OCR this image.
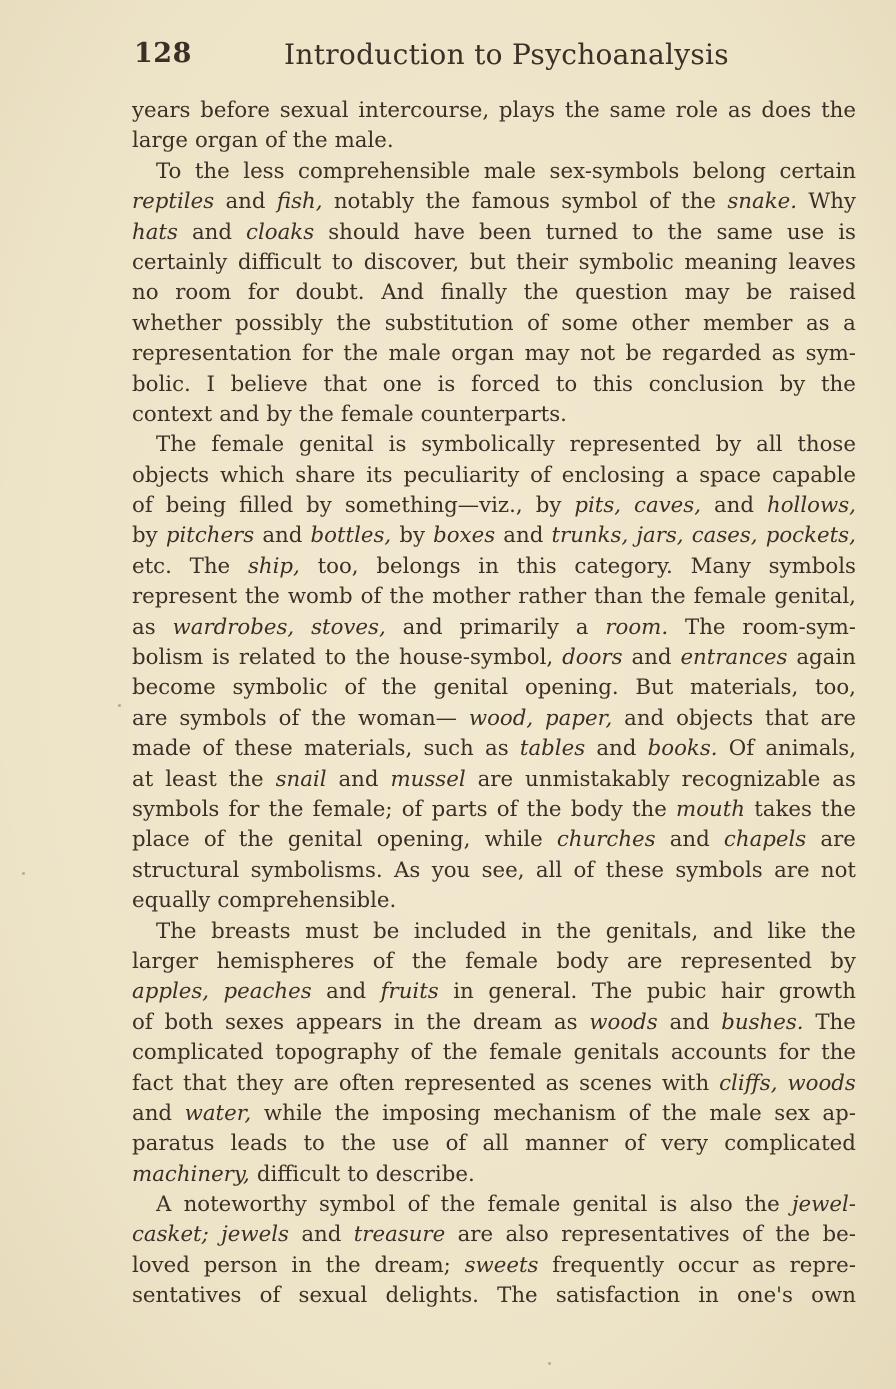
128	Introduction to Psychoanalysis
years before sexual intercourse, plays the same role as does the
large organ of the male.
To the less comprehensible male sex-symbols belong certain
reptiles and fish, notably the famous symbol of the snake. Why
hats and cloaks should have been turned to the same use is
certainly difficult to discover, but their symbolic meaning leaves
no room for doubt. And finally the question may be raised
whether possibly the substitution of some other member as a
representation for the male organ may not be regarded as sym-
bolic. I believe that one is forced to this conclusion by the
context and by the female counterparts.
The female genital is symbolically represented by all those
objects which share its peculiarity of enclosing a space capable
of being filled by something—viz., by pits, caves, and hollows,
by pitchers and bottles, by boxes and trunks, jars, cases, pockets,
etc. The ship, too, belongs in this category. Many symbols
represent the womb of the mother rather than the female genital,
as wardrobes, stoves, and primarily a room. The room-sym-
bolism is related to the house-symbol, doors and entrances again
become symbolic of the genital opening. But materials, too,
are symbols of the woman— wood, paper, and objects that are
made of these materials, such as tables and books. Of animals,
at least the snail and mussel are unmistakably recognizable as
symbols for the female; of parts of the body the mouth takes the
place of the genital opening, while churches and chapels are
structural symbolisms. As you see, all of these symbols are not
equally comprehensible.
The breasts must be included in the genitals, and like the
larger hemispheres of the female body are represented by
apples, peaches and fruits in general. The pubic hair growth
of both sexes appears in the dream as woods and bushes. The
complicated topography of the female genitals accounts for the
fact that they are often represented as scenes with cliffs, woods
and water, while the imposing mechanism of the male sex ap-
paratus leads to the use of all manner of very complicated
machinery, difficult to describe.
A noteworthy symbol of the female genital is also the jewel-
casket; jewels and treasure are also representatives of the be-
loved person in the dream; sweets frequently occur as repre-
sentatives of sexual delights. The satisfaction in one's own
